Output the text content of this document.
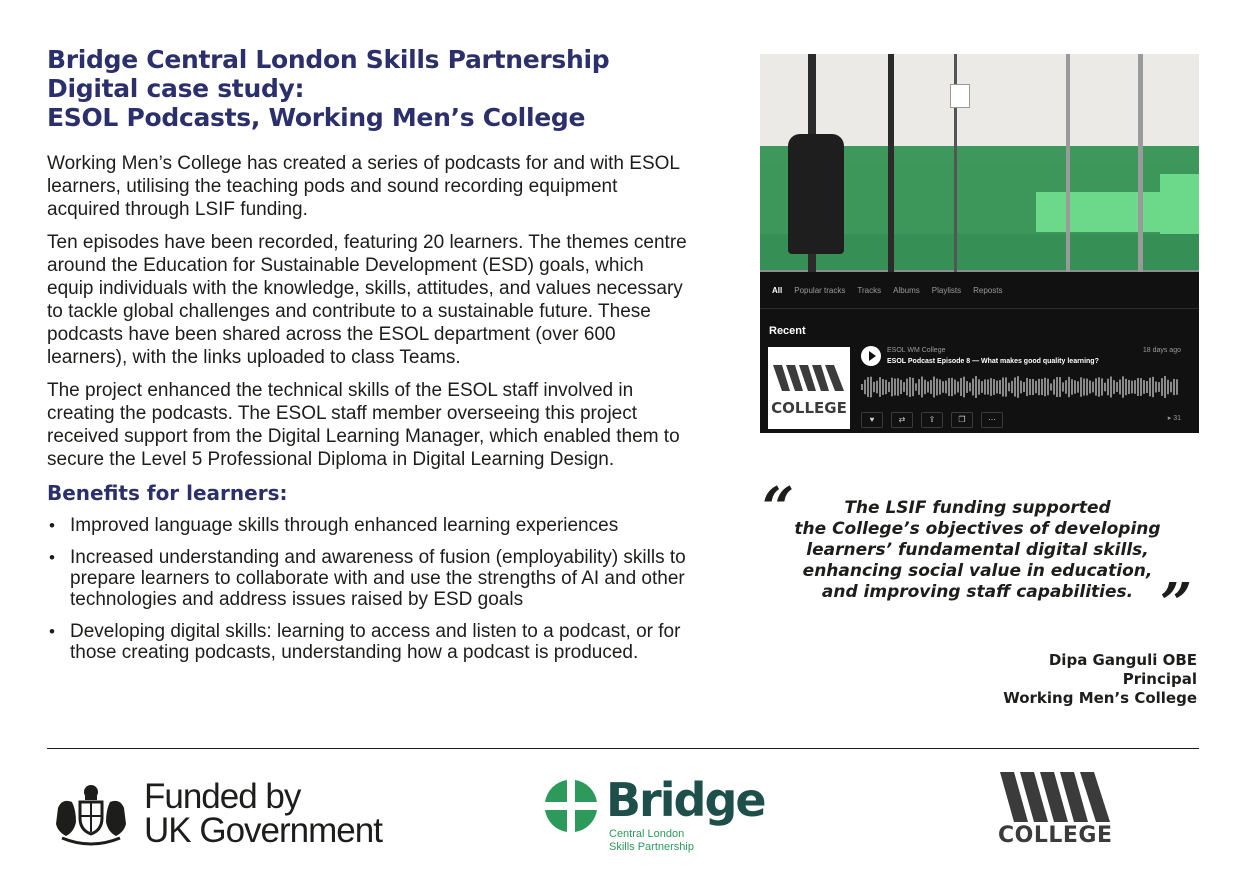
Bridge Central London Skills Partnership
Digital case study:
ESOL Podcasts, Working Men’s College

Working Men’s College has created a series of podcasts for and with ESOL learners, utilising the teaching pods and sound recording equipment acquired through LSIF funding.

Ten episodes have been recorded, featuring 20 learners. The themes centre around the Education for Sustainable Development (ESD) goals, which equip individuals with the knowledge, skills, attitudes, and values necessary to tackle global challenges and contribute to a sustainable future. These podcasts have been shared across the ESOL department (over 600 learners), with the links uploaded to class Teams.

The project enhanced the technical skills of the ESOL staff involved in creating the podcasts. The ESOL staff member overseeing this project received support from the Digital Learning Manager, which enabled them to secure the Level 5 Professional Diploma in Digital Learning Design.

Benefits for learners:
• Improved language skills through enhanced learning experiences
• Increased understanding and awareness of fusion (employability) skills to prepare learners to collaborate with and use the strengths of AI and other technologies and address issues raised by ESD goals
• Developing digital skills: learning to access and listen to a podcast, or for those creating podcasts, understanding how a podcast is produced.
All Popular tracks Tracks Albums Playlists Reposts
Recent
COLLEGE
ESOL WM College
ESOL Podcast Episode 8 — What makes good quality learning?
18 days ago
♥	⇄	⇪	❐	⋯	▸ 31
“	The LSIF funding supported
the College’s objectives of developing
learners’ fundamental digital skills,
enhancing social value in education,
and improving staff capabilities. ”
Dipa Ganguli OBE
Principal
Working Men’s College
Funded by
UK Government
Bridge
Central London
Skills Partnership	COLLEGE
